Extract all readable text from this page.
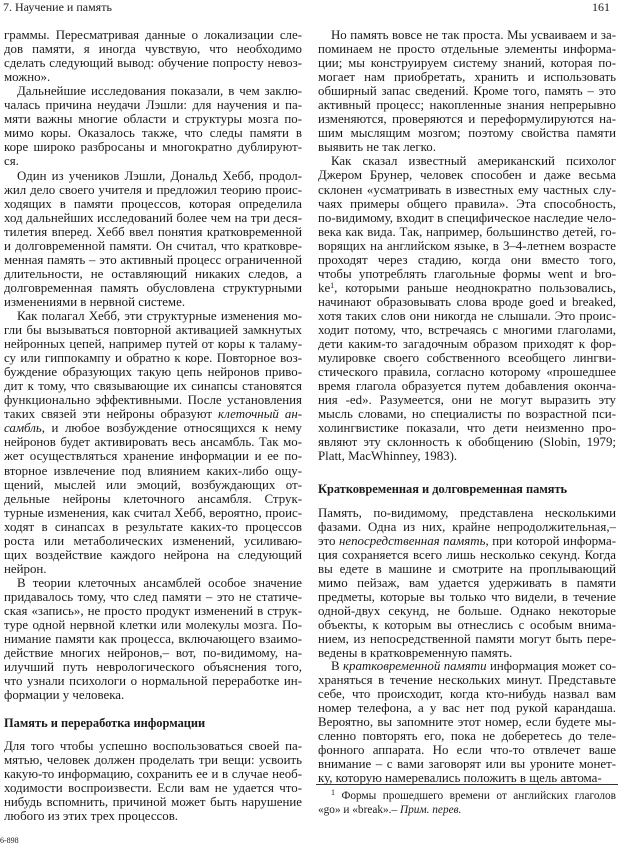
7. Научение и память	161
граммы. Пересматривая данные о локализации сле-
дов памяти, я иногда чувствую, что необходимо
сделать следующий вывод: обучение попросту невоз-
можно».
Дальнейшие исследования показали, в чем заклю-
чалась причина неудачи Лэшли: для научения и па-
мяти важны многие области и структуры мозга по-
мимо коры. Оказалось также, что следы памяти в
коре широко разбросаны и многократно дублируют-
ся.
Один из учеников Лэшли, Дональд Хебб, продол-
жил дело своего учителя и предложил теорию проис-
ходящих в памяти процессов, которая определила
ход дальнейших исследований более чем на три деся-
тилетия вперед. Хебб ввел понятия кратковременной
и долговременной памяти. Он считал, что кратковре-
менная память – это активный процесс ограниченной
длительности, не оставляющий никаких следов, а
долговременная память обусловлена структурными
изменениями в нервной системе.
Как полагал Хебб, эти структурные изменения мо-
гли бы вызываться повторной активацией замкнутых
нейронных цепей, например путей от коры к таламу-
су или гиппокампу и обратно к коре. Повторное воз-
буждение образующих такую цепь нейронов приво-
дит к тому, что связывающие их синапсы становятся
функционально эффективными. После установления
таких связей эти нейроны образуют клеточный ан-
самбль, и любое возбуждение относящихся к нему
нейронов будет активировать весь ансамбль. Так мо-
жет осуществляться хранение информации и ее по-
вторное извлечение под влиянием каких-либо ощу-
щений, мыслей или эмоций, возбуждающих от-
дельные нейроны клеточного ансамбля. Струк-
турные изменения, как считал Хебб, вероятно, проис-
ходят в синапсах в результате каких-то процессов
роста или метаболических изменений, усиливаю-
щих воздействие каждого нейрона на следующий
нейрон.
В теории клеточных ансамблей особое значение
придавалось тому, что след памяти – это не статиче-
ская «запись», не просто продукт изменений в струк-
туре одной нервной клетки или молекулы мозга. По-
нимание памяти как процесса, включающего взаимо-
действие многих нейронов,– вот, по-видимому, на-
илучший путь неврологического объяснения того,
что узнали психологи о нормальной переработке ин-
формации у человека.
Память и переработка информации
Для того чтобы успешно воспользоваться своей па-
мятью, человек должен проделать три вещи: усвоить
какую-то информацию, сохранить ее и в случае необ-
ходимости воспроизвести. Если вам не удается что-
нибудь вспомнить, причиной может быть нарушение
любого из этих трех процессов.
Но память вовсе не так проста. Мы усваиваем и за-
поминаем не просто отдельные элементы информа-
ции; мы конструируем систему знаний, которая по-
могает нам приобретать, хранить и использовать
обширный запас сведений. Кроме того, память – это
активный процесс; накопленные знания непрерывно
изменяются, проверяются и переформулируются на-
шим мыслящим мозгом; поэтому свойства памяти
выявить не так легко.
Как сказал известный американский психолог
Джером Брунер, человек способен и даже весьма
склонен «усматривать в известных ему частных слу-
чаях примеры общего правила». Эта способность,
по-видимому, входит в специфическое наследие чело-
века как вида. Так, например, большинство детей, го-
ворящих на английском языке, в 3–4-летнем возрасте
проходят через стадию, когда они вместо того,
чтобы употреблять глагольные формы went и bro-
$ke^1$, которыми раньше неоднократно пользовались,
начинают образовывать слова вроде goed и breaked,
хотя таких слов они никогда не слышали. Это проис-
ходит потому, что, встречаясь с многими глаголами,
дети каким-то загадочным образом приходят к фор-
мулировке своего собственного всеобщего лингви-
стического пра́вила, согласно которому «прошедшее
время глагола образуется путем добавления оконча-
ния -ed». Разумеется, они не могут выразить эту
мысль словами, но специалисты по возрастной пси-
холингвистике показали, что дети неизменно про-
являют эту склонность к обобщению (Slobin, 1979;
Platt, MacWhinney, 1983).
Кратковременная и долговременная память
Память, по-видимому, представлена несколькими
фазами. Одна из них, крайне непродолжительная,–
это непосредственная память, при которой информа-
ция сохраняется всего лишь несколько секунд. Когда
вы едете в машине и смотрите на проплывающий
мимо пейзаж, вам удается удерживать в памяти
предметы, которые вы только что видели, в течение
одной-двух секунд, не больше. Однако некоторые
объекты, к которым вы отнеслись с особым внима-
нием, из непосредственной памяти могут быть пере-
ведены в кратковременную память.
В кратковременной памяти информация может со-
храняться в течение нескольких минут. Представьте
себе, что происходит, когда кто-нибудь назвал вам
номер телефона, а у вас нет под рукой карандаша.
Вероятно, вы запомните этот номер, если будете мы-
сленно повторять его, пока не доберетесь до теле-
фонного аппарата. Но если что-то отвлечет ваше
внимание – с вами заговорят или вы уроните монет-
ку, которую намеревались положить в щель автома-
$^1$ Формы прошедшего времени от английских глаголов
«go» и «break».– Прим. перев.
6-898
